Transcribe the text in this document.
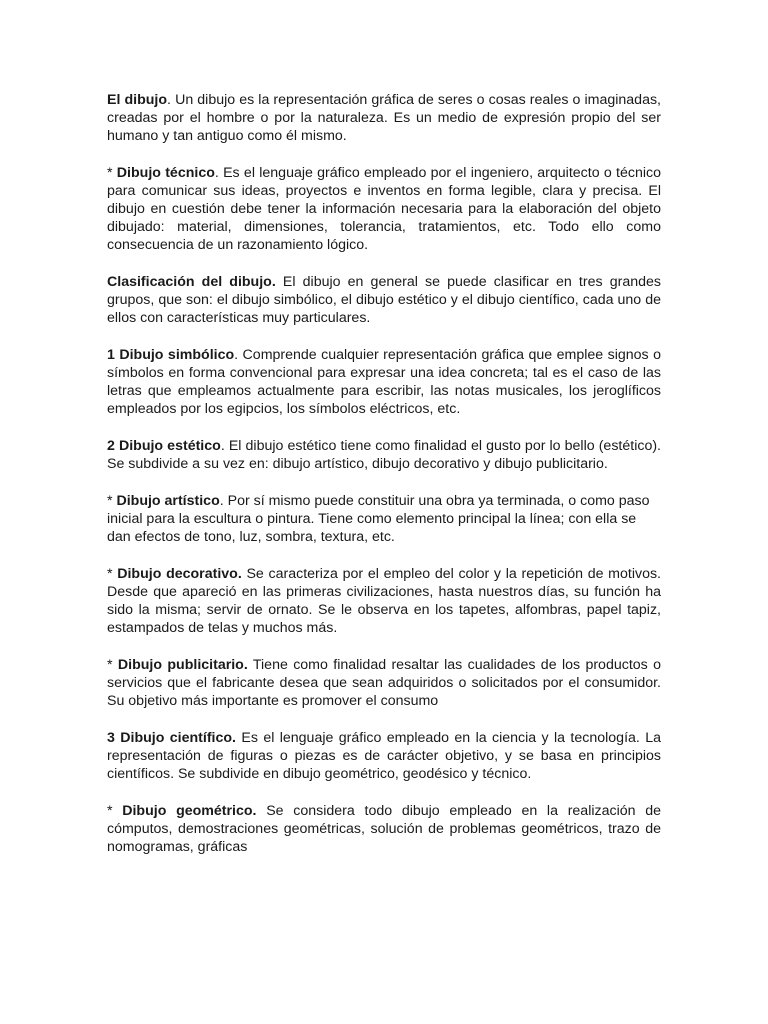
El dibujo. Un dibujo es la representación gráfica de seres o cosas reales o imaginadas, creadas por el hombre o por la naturaleza. Es un medio de expresión propio del ser humano y tan antiguo como él mismo.

* Dibujo técnico. Es el lenguaje gráfico empleado por el ingeniero, arquitecto o técnico para comunicar sus ideas, proyectos e inventos en forma legible, clara y precisa. El dibujo en cuestión debe tener la información necesaria para la elaboración del objeto dibujado: material, dimensiones, tolerancia, tratamientos, etc. Todo ello como consecuencia de un razonamiento lógico.

Clasificación del dibujo. El dibujo en general se puede clasificar en tres grandes grupos, que son: el dibujo simbólico, el dibujo estético y el dibujo científico, cada uno de ellos con características muy particulares.

1 Dibujo simbólico. Comprende cualquier representación gráfica que emplee signos o símbolos en forma convencional para expresar una idea concreta; tal es el caso de las letras que empleamos actualmente para escribir, las notas musicales, los jeroglíficos empleados por los egipcios, los símbolos eléctricos, etc.

2 Dibujo estético. El dibujo estético tiene como finalidad el gusto por lo bello (estético). Se subdivide a su vez en: dibujo artístico, dibujo decorativo y dibujo publicitario.

* Dibujo artístico. Por sí mismo puede constituir una obra ya terminada, o como paso inicial para la escultura o pintura. Tiene como elemento principal la línea; con ella se dan efectos de tono, luz, sombra, textura, etc.

* Dibujo decorativo. Se caracteriza por el empleo del color y la repetición de motivos. Desde que apareció en las primeras civilizaciones, hasta nuestros días, su función ha sido la misma; servir de ornato. Se le observa en los tapetes, alfombras, papel tapiz, estampados de telas y muchos más.

* Dibujo publicitario. Tiene como finalidad resaltar las cualidades de los productos o servicios que el fabricante desea que sean adquiridos o solicitados por el consumidor. Su objetivo más importante es promover el consumo

3 Dibujo científico. Es el lenguaje gráfico empleado en la ciencia y la tecnología. La representación de figuras o piezas es de carácter objetivo, y se basa en principios científicos. Se subdivide en dibujo geométrico, geodésico y técnico.

* Dibujo geométrico. Se considera todo dibujo empleado en la realización de cómputos, demostraciones geométricas, solución de problemas geométricos, trazo de nomogramas, gráficas
